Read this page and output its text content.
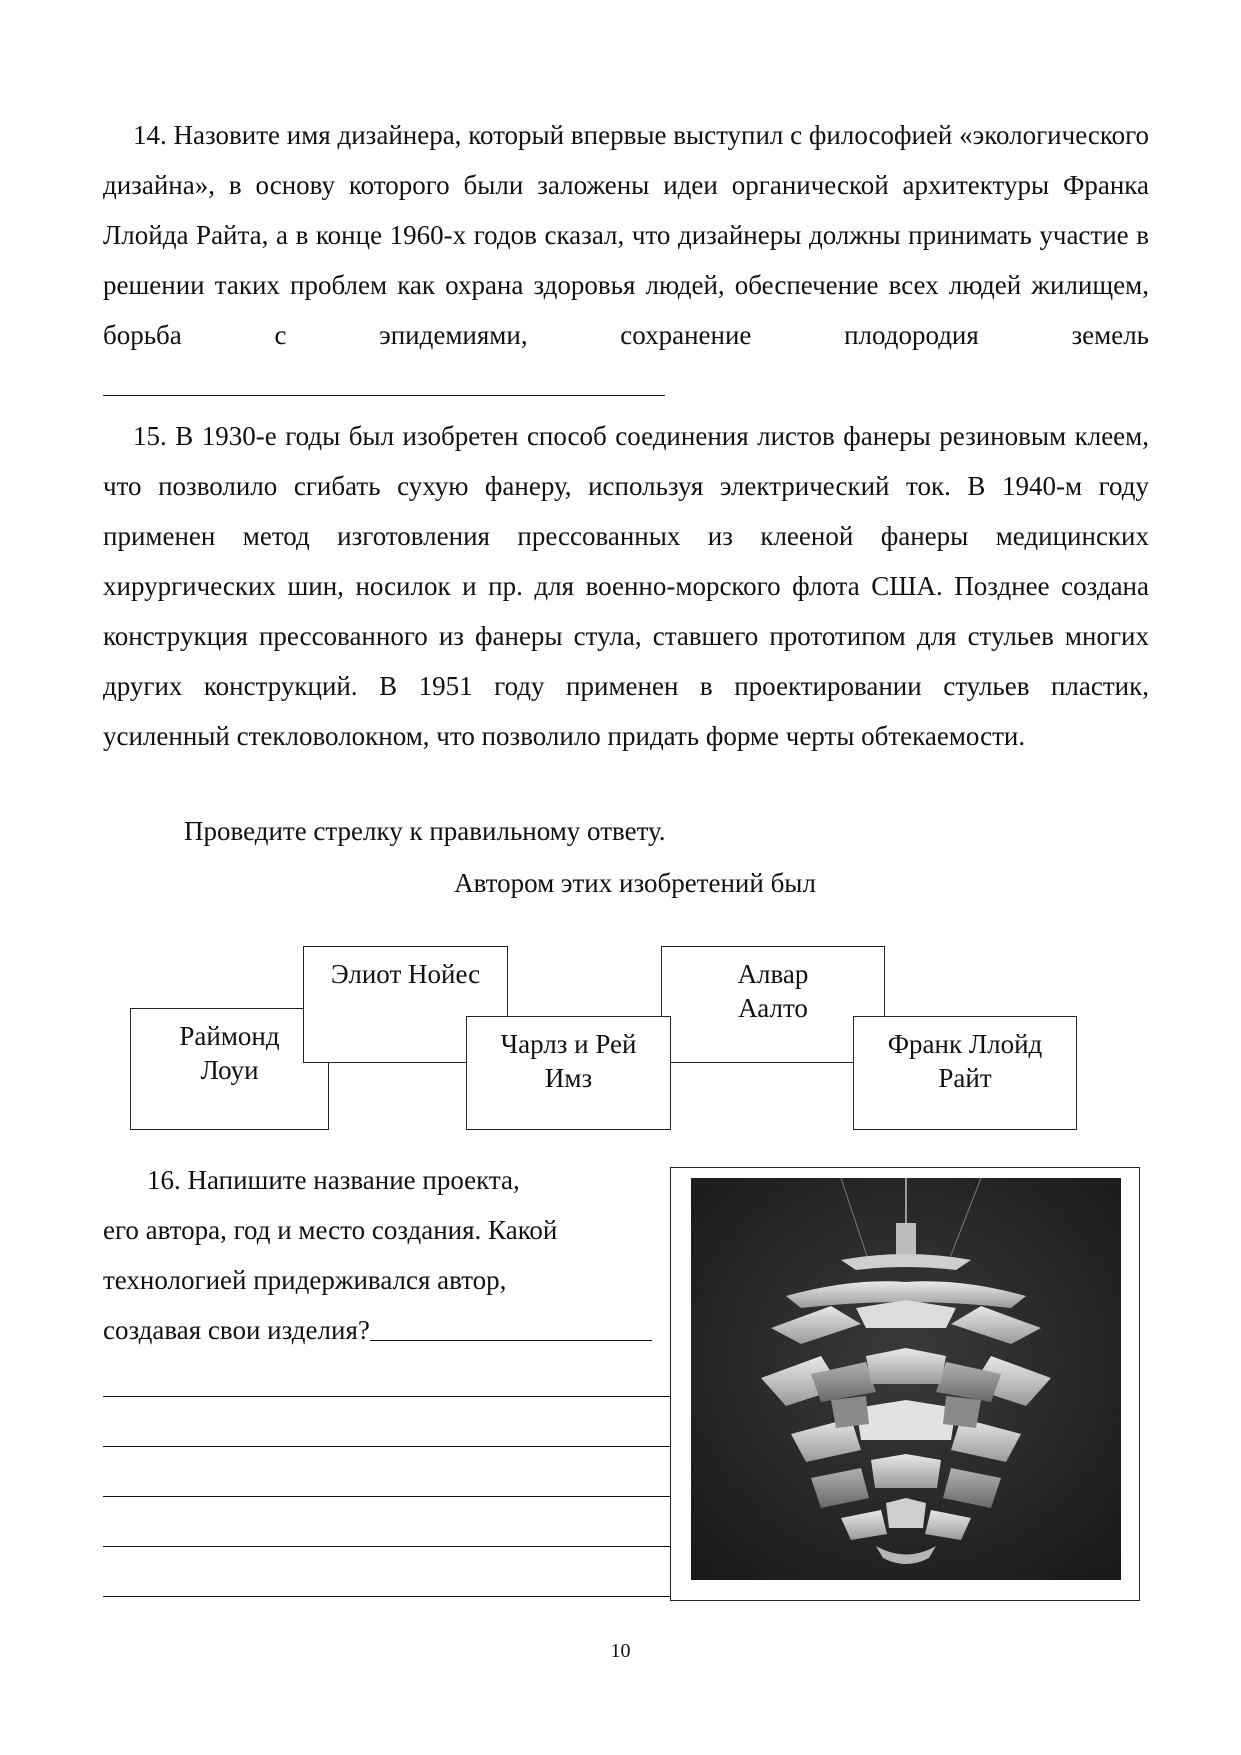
14. Назовите имя дизайнера, который впервые выступил с философией «экологического дизайна», в основу которого были заложены идеи органической архитектуры Франка Ллойда Райта, а в конце 1960-х годов сказал, что дизайнеры должны принимать участие в решении таких проблем как охрана здоровья людей, обеспечение всех людей жилищем, борьба с эпидемиями, сохранение плодородия земель

15. В 1930-е годы был изобретен способ соединения листов фанеры резиновым клеем, что позволило сгибать сухую фанеру, используя электрический ток. В 1940-м году применен метод изготовления прессованных из клееной фанеры медицинских хирургических шин, носилок и пр. для военно-морского флота США. Позднее создана конструкция прессованного из фанеры стула, ставшего прототипом для стульев многих других конструкций. В 1951 году применен в проектировании стульев пластик, усиленный стекловолокном, что позволило придать форме черты обтекаемости.

Проведите стрелку к правильному ответу.
Автором этих изобретений был
Раймонд
Лоуи
Элиот Нойес	Алвар
Аалто
Чарлз и Рей
Имз
Франк Ллойд
Райт
16. Напишите название проекта,
его автора, год и место создания. Какой
технологией придерживался автор,
создавая свои изделия?
10
